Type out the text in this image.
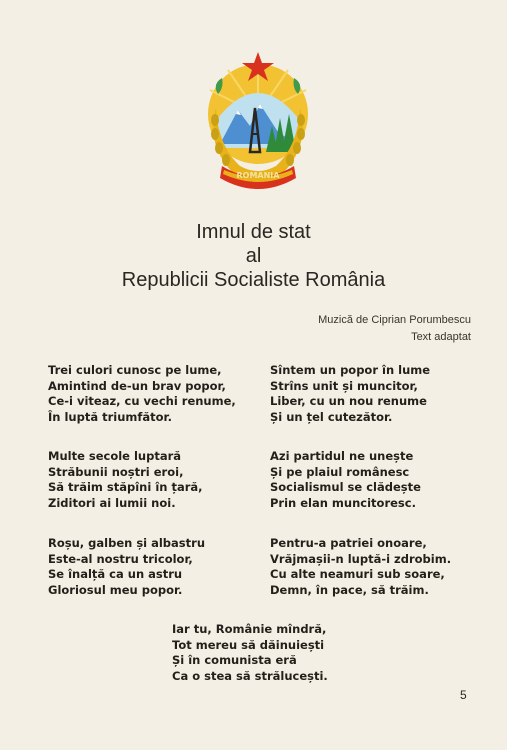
ROMANIA
Imnul de stat
al
Republicii Socialiste România
Muzică de Ciprian Porumbescu
Text adaptat
Trei culori cunosc pe lume,
Amintind de-un brav popor,
Ce-i viteaz, cu vechi renume,
În luptă triumfător.
Sîntem un popor în lume
Strîns unit și muncitor,
Liber, cu un nou renume
Și un țel cutezător.
Multe secole luptară
Străbunii noștri eroi,
Să trăim stăpîni în țară,
Ziditori ai lumii noi.
Azi partidul ne unește
Și pe plaiul românesc
Socialismul se clădește
Prin elan muncitoresc.
Roșu, galben și albastru
Este-al nostru tricolor,
Se înalță ca un astru
Gloriosul meu popor.
Pentru-a patriei onoare,
Vrăjmașii-n luptă-i zdrobim.
Cu alte neamuri sub soare,
Demn, în pace, să trăim.
Iar tu, Românie mîndră,
Tot mereu să dăinuiești
Și în comunista eră
Ca o stea să strălucești.
5
